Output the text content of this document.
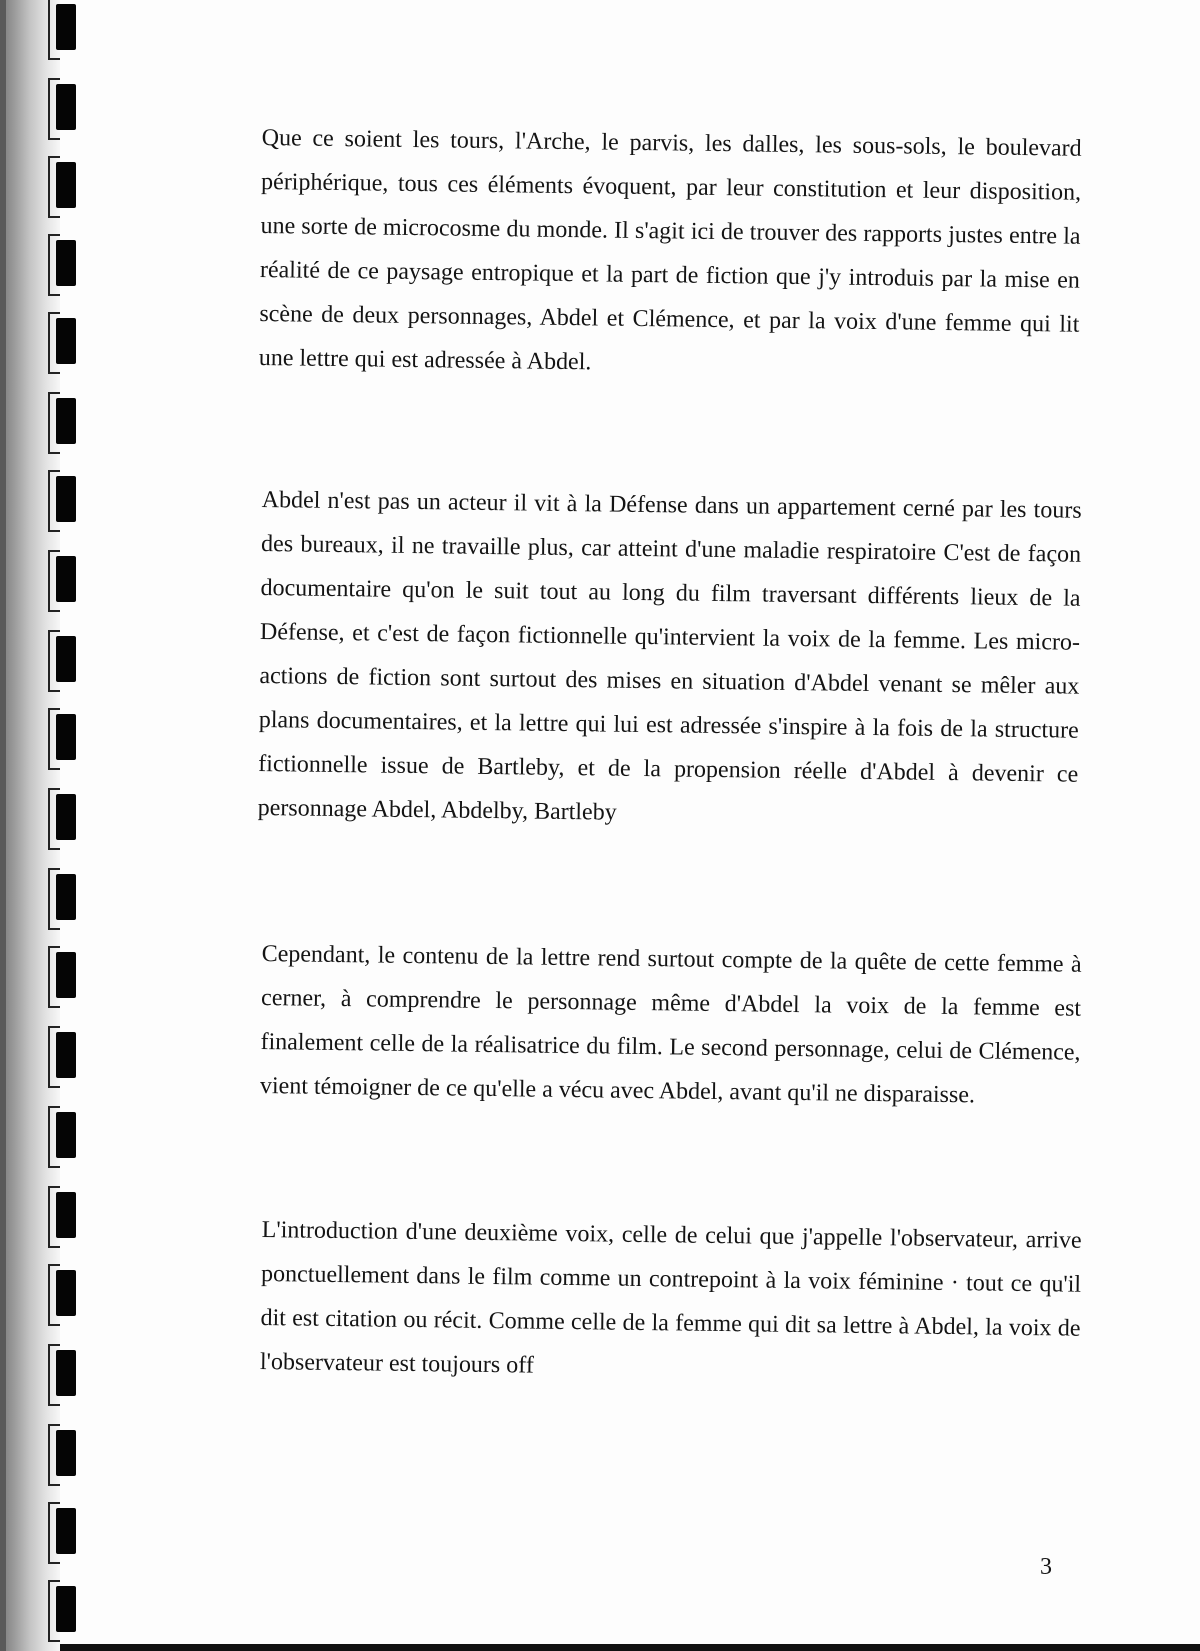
Que ce soient les tours, l'Arche, le parvis, les dalles, les sous-sols, le boulevard périphérique, tous ces éléments évoquent, par leur constitution et leur disposition, une sorte de microcosme du monde. Il s'agit ici de trouver des rapports justes entre la réalité de ce paysage entropique et la part de fiction que j'y introduis par la mise en scène de deux personnages, Abdel et Clémence, et par la voix d'une femme qui lit une lettre qui est adressée à Abdel.

Abdel n'est pas un acteur il vit à la Défense dans un appartement cerné par les tours des bureaux, il ne travaille plus, car atteint d'une maladie respiratoire C'est de façon documentaire qu'on le suit tout au long du film traversant différents lieux de la Défense, et c'est de façon fictionnelle qu'intervient la voix de la femme. Les micro-actions de fiction sont surtout des mises en situation d'Abdel venant se mêler aux plans documentaires, et la lettre qui lui est adressée s'inspire à la fois de la structure fictionnelle issue de Bartleby, et de la propension réelle d'Abdel à devenir ce personnage Abdel, Abdelby, Bartleby

Cependant, le contenu de la lettre rend surtout compte de la quête de cette femme à cerner, à comprendre le personnage même d'Abdel la voix de la femme est finalement celle de la réalisatrice du film. Le second personnage, celui de Clémence, vient témoigner de ce qu'elle a vécu avec Abdel, avant qu'il ne disparaisse.

L'introduction d'une deuxième voix, celle de celui que j'appelle l'observateur, arrive ponctuellement dans le film comme un contrepoint à la voix féminine · tout ce qu'il dit est citation ou récit. Comme celle de la femme qui dit sa lettre à Abdel, la voix de l'observateur est toujours off

3
